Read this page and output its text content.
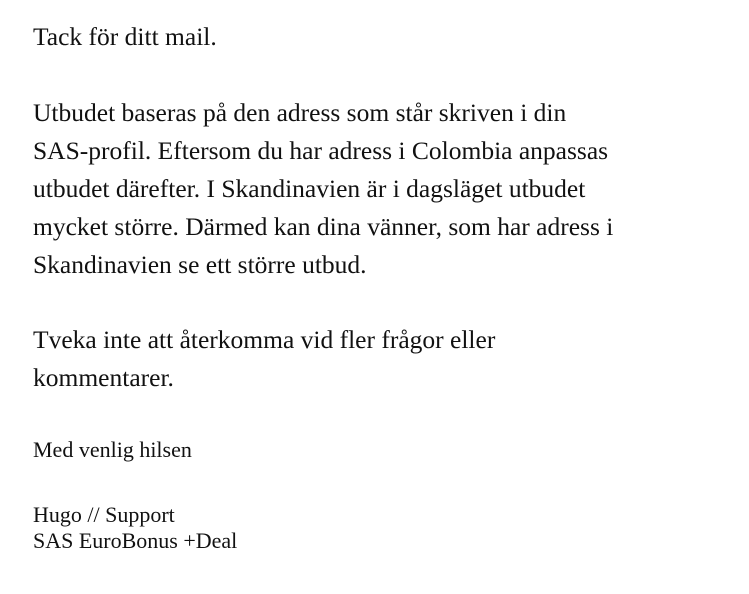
Tack för ditt mail.

Utbudet baseras på den adress som står skriven i din
SAS-profil. Eftersom du har adress i Colombia anpassas
utbudet därefter. I Skandinavien är i dagsläget utbudet
mycket större. Därmed kan dina vänner, som har adress i
Skandinavien se ett större utbud.

Tveka inte att återkomma vid fler frågor eller
kommentarer.

Med venlig hilsen

Hugo // Support
SAS EuroBonus +Deal
